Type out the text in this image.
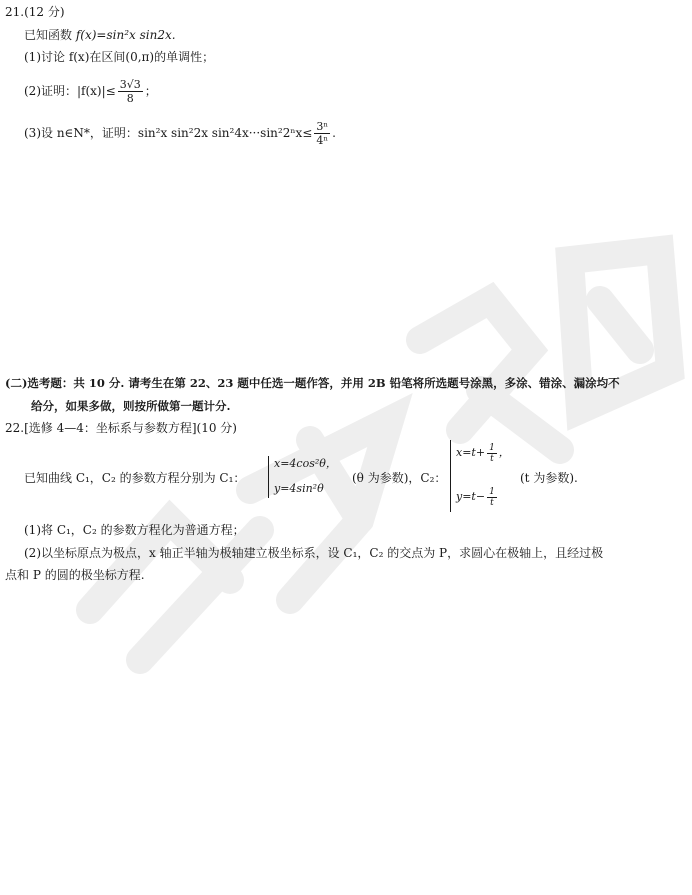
21.(12 分)
已知函数 f(x)=sin²x sin2x.
(1)讨论 f(x)在区间(0,π)的单调性；
(2)证明：$|f(x)|\le \frac{3√3}{8}$ ；
(3)设 n∈N*，证明：sin²x sin²2x $\sin^24x\cdot\cdot\cdot\sin^22^nx\le \frac{\text{3ⁿ}}{\text{4ⁿ}}$ .
(二)选考题：共 10 分. 请考生在第 22、23 题中任选一题作答，并用 2B 铅笔将所选题号涂黑，多涂、错涂、漏涂均不
给分，如果多做，则按所做第一题计分.
22.[选修 4—4：坐标系与参数方程](10 分)
已知曲线 C₁，C₂ 的参数方程分别为 C₁：
x=4cos²θ，
y=4sin²θ
(θ 为参数)，C₂：
$x=t+ \frac{1}{t}$ ，
$y=t- \frac{1}{t}$
(t 为参数).
(1)将 C₁，C₂ 的参数方程化为普通方程；
(2)以坐标原点为极点，x 轴正半轴为极轴建立极坐标系，设 C₁，C₂ 的交点为 P，求圆心在极轴上，且经过极
点和 P 的圆的极坐标方程.
